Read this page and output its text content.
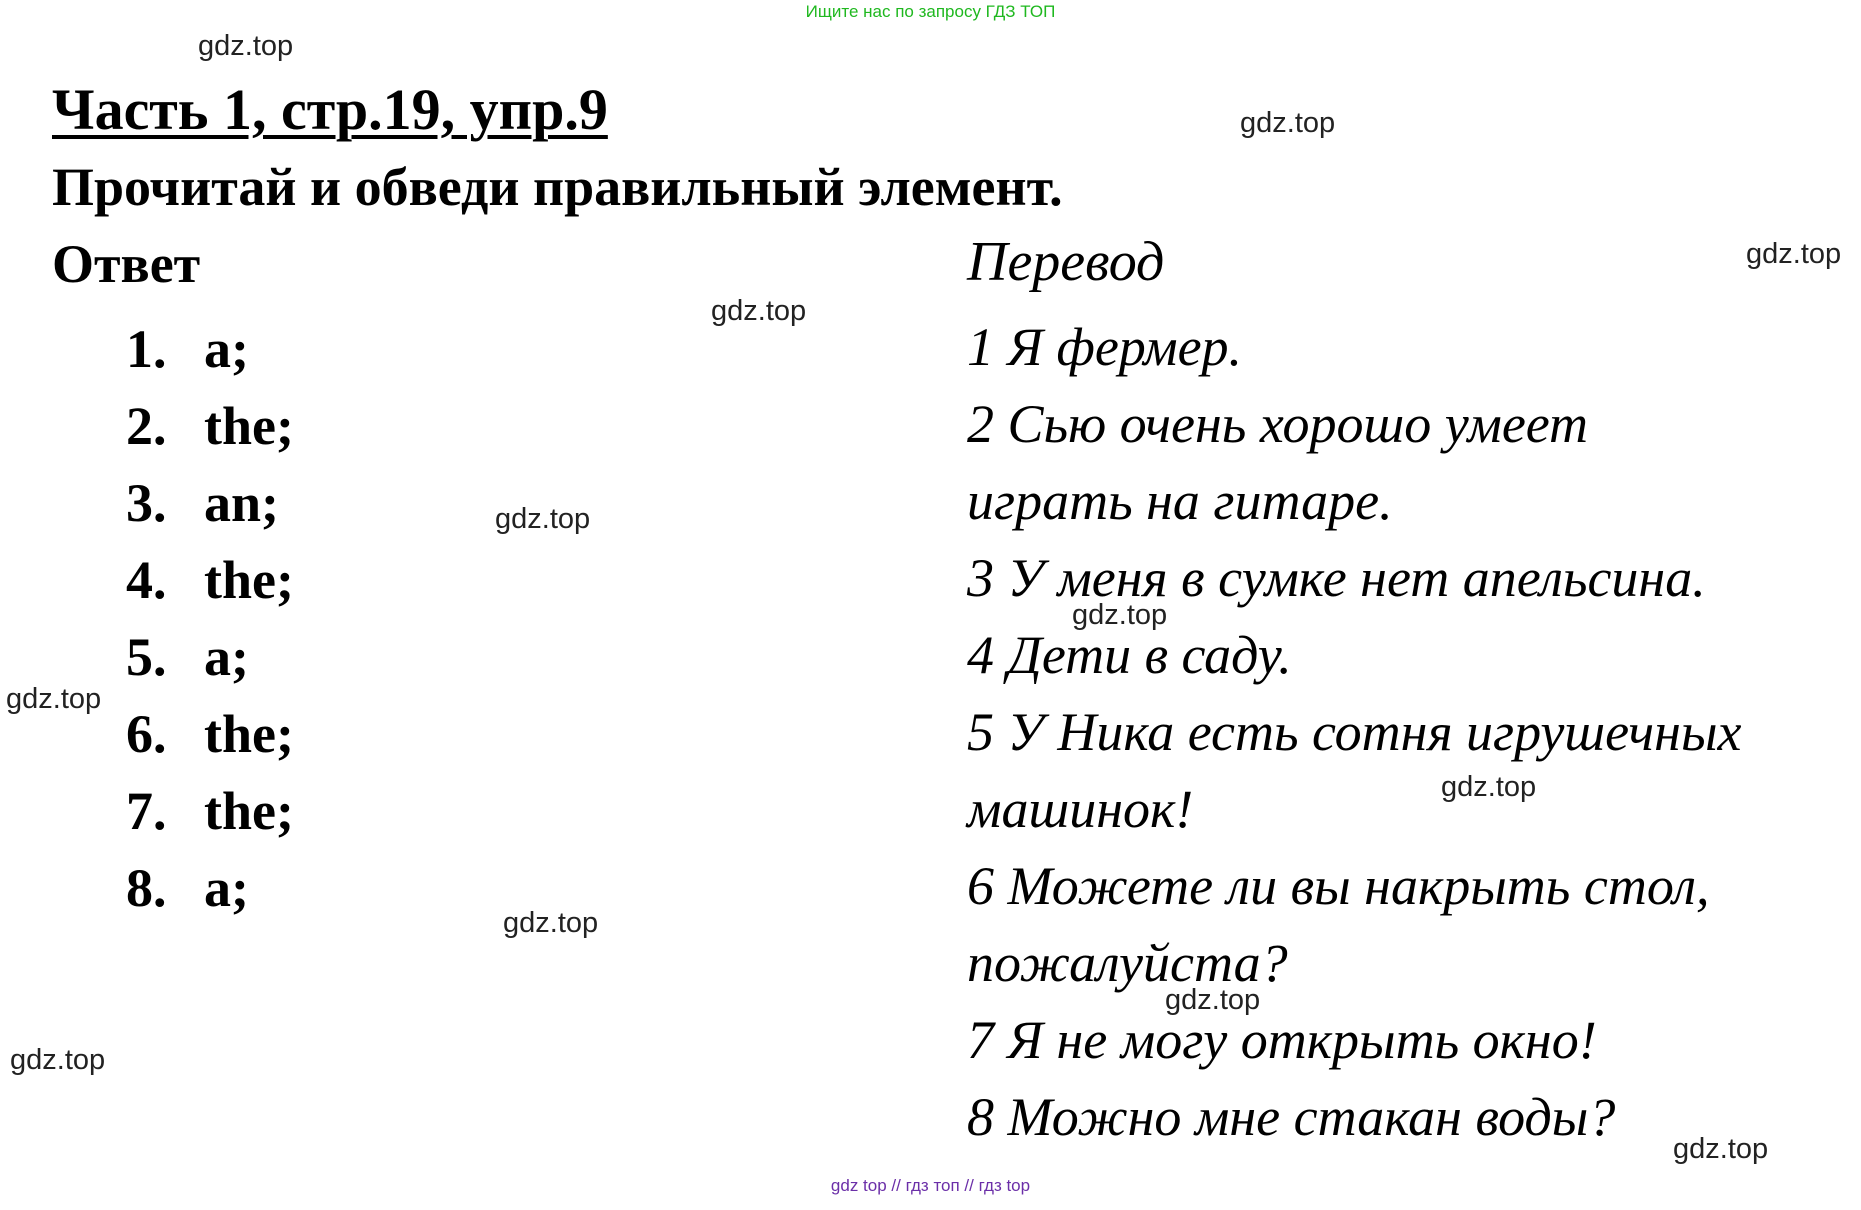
Ищите нас по запросу ГДЗ ТОП
Часть 1, стр.19, упр.9
Прочитай и обведи правильный элемент.
Ответ
1. a;
2. the;
3. an;
4. the;
5. a;
6. the;
7. the;
8. a;
Перевод
1 Я фермер.
2 Сью очень хорошо умеет
играть на гитаре.
3 У меня в сумке нет апельсина.
4 Дети в саду.
5 У Ника есть сотня игрушечных
машинок!
6 Можете ли вы накрыть стол,
пожалуйста?
7 Я не могу открыть окно!
8 Можно мне стакан воды?
gdz.top
gdz.top
gdz.top
gdz.top
gdz.top
gdz.top
gdz.top
gdz.top
gdz.top
gdz.top
gdz.top
gdz.top
gdz top // гдз топ // гдз top
